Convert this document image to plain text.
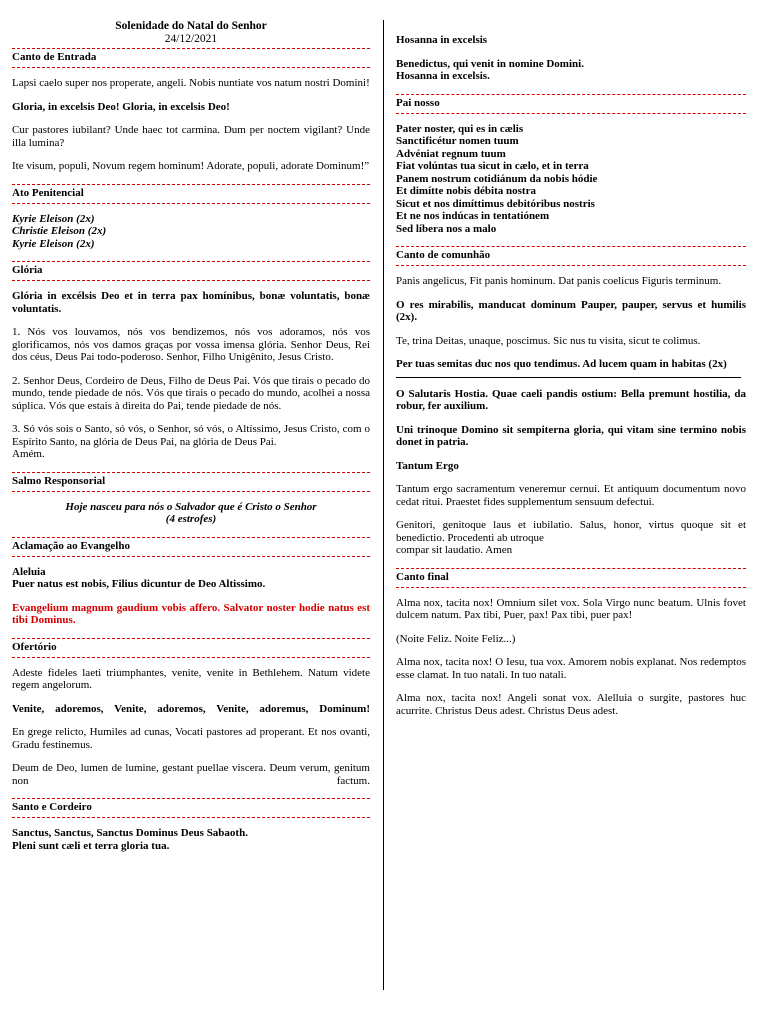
Solenidade do Natal do Senhor
24/12/2021
Canto de Entrada

Lapsi caelo super nos properate, angeli. Nobis nuntiate vos natum nostri Domini!

Gloria, in excelsis Deo! Gloria, in excelsis Deo!

Cur pastores iubilant? Unde haec tot carmina. Dum per noctem vigilant? Unde illa lumina?

Ite visum, populi, Novum regem hominum! Adorate, populi, adorate Dominum!”

Ato Penitencial

Kyrie Eleison (2x)

Christie Eleison (2x)

Kyrie Eleison (2x)

Glória

Glória in excélsis Deo et in terra pax homínibus, bonæ voluntatis, bonæ voluntatis.

1. Nós vos louvamos, nós vos bendizemos, nós vos adoramos, nós vos glorificamos, nós vos damos graças por vossa imensa glória. Senhor Deus, Rei dos céus, Deus Pai todo-poderoso. Senhor, Filho Unigênito, Jesus Cristo.

2. Senhor Deus, Cordeiro de Deus, Filho de Deus Pai. Vós que tirais o pecado do mundo, tende piedade de nós. Vós que tirais o pecado do mundo, acolhei a nossa súplica. Vós que estais à direita do Pai, tende piedade de nós.

3. Só vós sois o Santo, só vós, o Senhor, só vós, o Altíssimo, Jesus Cristo, com o Espírito Santo, na glória de Deus Pai, na glória de Deus Pai.

Amém.

Salmo Responsorial

Hoje nasceu para nós o Salvador que é Cristo o Senhor

(4 estrofes)

Aclamação ao Evangelho

Aleluia

Puer natus est nobis, Filius dicuntur de Deo Altissimo.

Evangelium magnum gaudium vobis affero. Salvator noster hodie natus est tibi Dominus.

Ofertório

Adeste fideles laeti triumphantes, venite, venite in Bethlehem. Natum videte regem angelorum.

Venite, adoremos, Venite, adoremos, Venite, adoremus, Dominum!

En grege relicto, Humiles ad cunas, Vocati pastores ad properant. Et nos ovanti, Gradu festinemus.

Deum de Deo, lumen de lumine, gestant puellae viscera. Deum verum, genitum non factum.

Santo e Cordeiro

Sanctus, Sanctus, Sanctus Dominus Deus Sabaoth.

Pleni sunt cæli et terra gloria tua.

Hosanna in excelsis

Benedictus, qui venit in nomine Domini.

Hosanna in excelsis.

Pai nosso

Pater noster, qui es in cælis

Sanctificétur nomen tuum

Advéniat regnum tuum

Fiat volúntas tua sicut in cælo, et in terra

Panem nostrum cotidiánum da nobis hódie

Et dimítte nobis débita nostra

Sicut et nos dimíttimus debitóribus nostris

Et ne nos indúcas in tentatiónem

Sed líbera nos a malo

Canto de comunhão

Panis angelicus, Fit panis hominum. Dat panis coelicus Figuris terminum.

O res mirabilis, manducat dominum Pauper, pauper, servus et humilis (2x).

Te, trina Deitas, unaque, poscimus. Sic nus tu visita, sicut te colimus.

Per tuas semitas duc nos quo tendimus. Ad lucem quam in habitas (2x)

O Salutaris Hostia. Quae caeli pandis ostium: Bella premunt hostilia, da robur, fer auxilium.

Uni trinoque Domino sit sempiterna gloria, qui vitam sine termino nobis donet in patria.

Tantum Ergo

Tantum ergo sacramentum veneremur cernui. Et antiquum documentum novo cedat ritui. Praestet fides supplementum sensuum defectui.

Genitori, genitoque laus et iubilatio. Salus, honor, virtus quoque sit et benedictio. Procedenti ab utroque

compar sit laudatio. Amen

Canto final

Alma nox, tacita nox! Omnium silet vox. Sola Virgo nunc beatum. Ulnis fovet dulcem natum. Pax tibi, Puer, pax! Pax tibi, puer pax!

(Noite Feliz. Noite Feliz...)

Alma nox, tacita nox! O Iesu, tua vox. Amorem nobis explanat. Nos redemptos esse clamat. In tuo natali. In tuo natali.

Alma nox, tacita nox! Angeli sonat vox. Alelluia o surgite, pastores huc acurrite. Christus Deus adest. Christus Deus adest.
